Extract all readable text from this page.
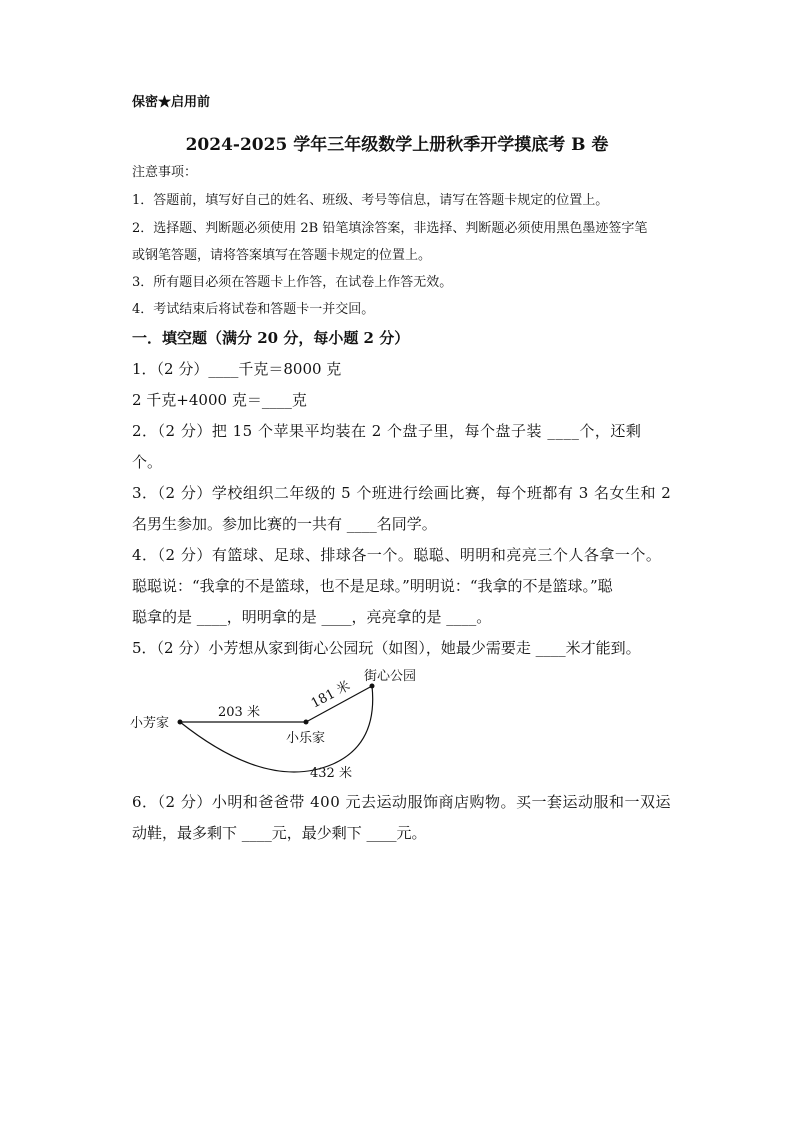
保密★启用前
2024-2025 学年三年级数学上册秋季开学摸底考 B 卷
注意事项：
1．答题前，填写好自己的姓名、班级、考号等信息，请写在答题卡规定的位置上。
2．选择题、判断题必须使用 2B 铅笔填涂答案，非选择、判断题必须使用黑色墨迹签字笔
或钢笔答题，请将答案填写在答题卡规定的位置上。
3．所有题目必须在答题卡上作答，在试卷上作答无效。
4．考试结束后将试卷和答题卡一并交回。
一．填空题（满分 20 分，每小题 2 分）
1．（2 分）____千克＝8000 克
2 千克+4000 克＝____克
2．（2 分）把 15 个苹果平均装在 2 个盘子里，每个盘子装 ____个，还剩
个。
3．（2 分）学校组织二年级的 5 个班进行绘画比赛，每个班都有 3 名女生和 2
名男生参加。参加比赛的一共有 ____名同学。
4．（2 分）有篮球、足球、排球各一个。聪聪、明明和亮亮三个人各拿一个。
聪聪说：“我拿的不是篮球，也不是足球。”明明说：“我拿的不是篮球。”聪
聪拿的是 ____，明明拿的是 ____，亮亮拿的是 ____。
5．（2 分）小芳想从家到街心公园玩（如图），她最少需要走 ____米才能到。
小芳家
街心公园
小乐家
203 米
181 米
432 米
6．（2 分）小明和爸爸带 400 元去运动服饰商店购物。买一套运动服和一双运
动鞋，最多剩下 ____元，最少剩下 ____元。
